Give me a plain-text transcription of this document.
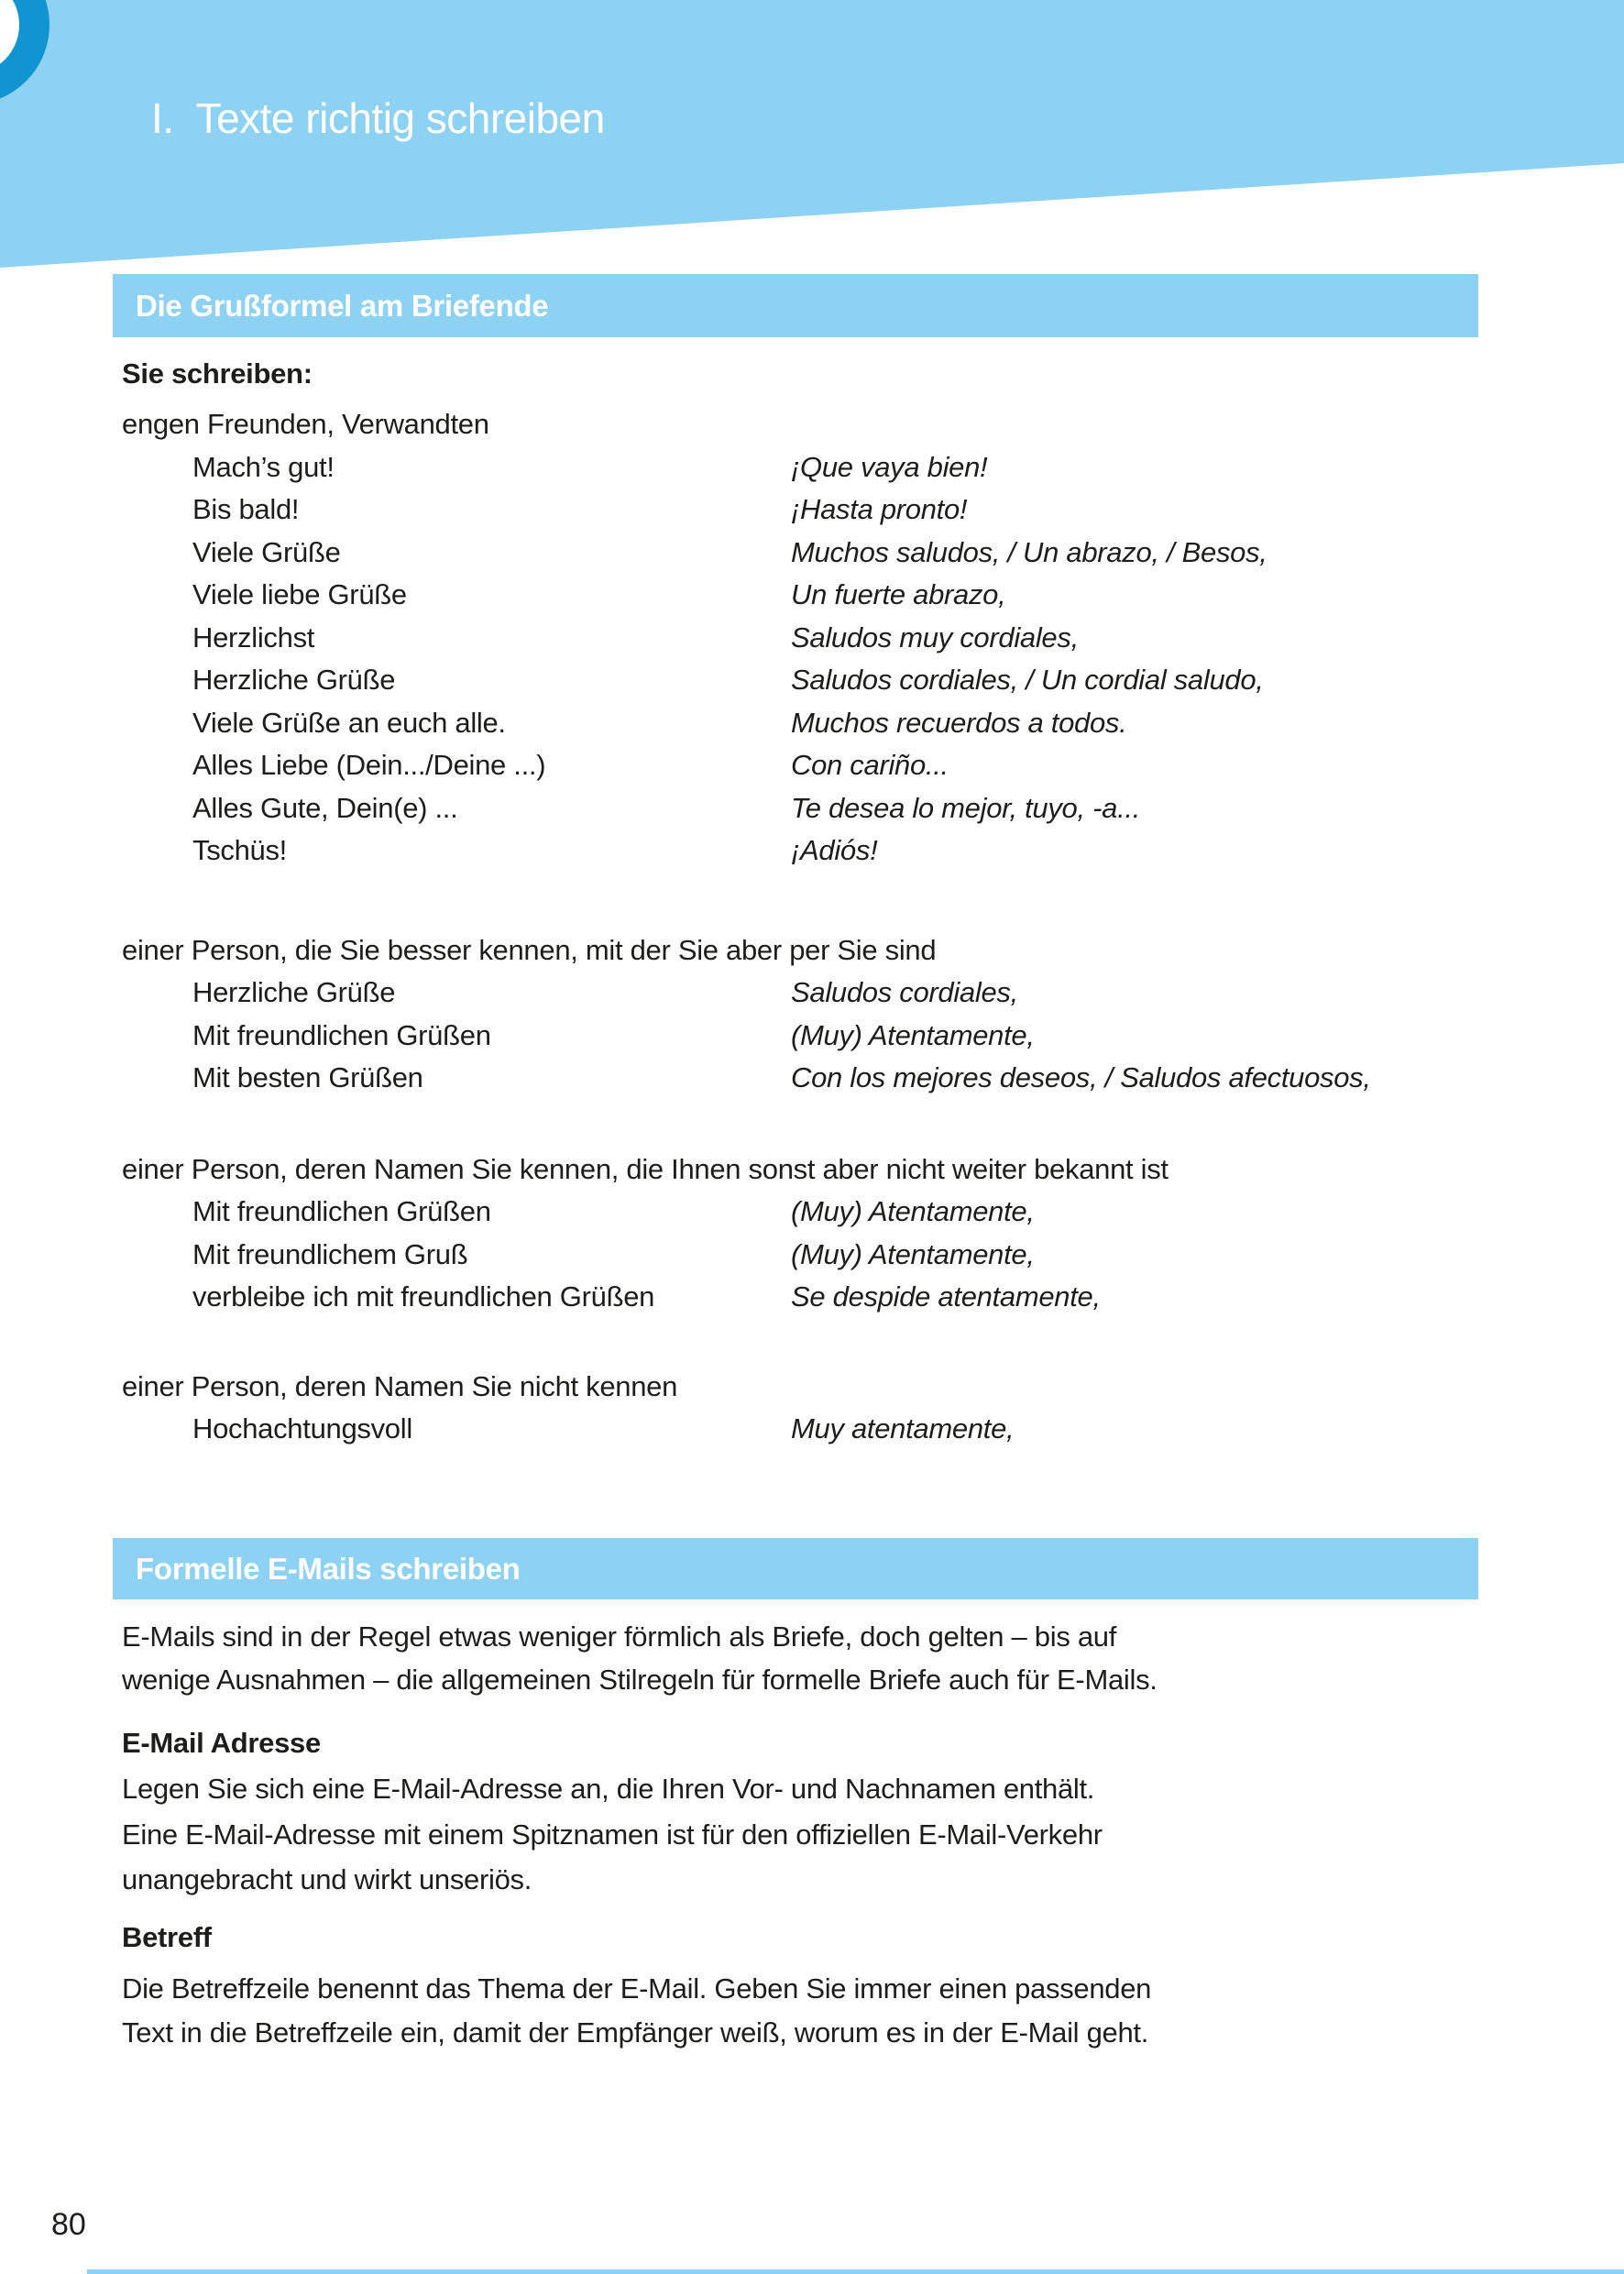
I. Texte richtig schreiben
Die Grußformel am Briefende
Sie schreiben:
engen Freunden, Verwandten
Mach’s gut!	¡Que vaya bien!
Bis bald!	¡Hasta pronto!
Viele Grüße	Muchos saludos, / Un abrazo, / Besos,
Viele liebe Grüße	Un fuerte abrazo,
Herzlichst	Saludos muy cordiales,
Herzliche Grüße	Saludos cordiales, / Un cordial saludo,
Viele Grüße an euch alle.	Muchos recuerdos a todos.
Alles Liebe (Dein.../Deine ...)	Con cariño...
Alles Gute, Dein(e) ...	Te desea lo mejor, tuyo, -a...
Tschüs!	¡Adiós!
einer Person, die Sie besser kennen, mit der Sie aber per Sie sind
Herzliche Grüße	Saludos cordiales,
Mit freundlichen Grüßen	(Muy) Atentamente,
Mit besten Grüßen	Con los mejores deseos, / Saludos afectuosos,
einer Person, deren Namen Sie kennen, die Ihnen sonst aber nicht weiter bekannt ist
Mit freundlichen Grüßen	(Muy) Atentamente,
Mit freundlichem Gruß	(Muy) Atentamente,
verbleibe ich mit freundlichen Grüßen	Se despide atentamente,
einer Person, deren Namen Sie nicht kennen
Hochachtungsvoll	Muy atentamente,
Formelle E-Mails schreiben
E-Mails sind in der Regel etwas weniger förmlich als Briefe, doch gelten – bis auf
wenige Ausnahmen – die allgemeinen Stilregeln für formelle Briefe auch für E-Mails.
E-Mail Adresse
Legen Sie sich eine E-Mail-Adresse an, die Ihren Vor- und Nachnamen enthält.
Eine E-Mail-Adresse mit einem Spitznamen ist für den offiziellen E-Mail-Verkehr
unangebracht und wirkt unseriös.
Betreff
Die Betreffzeile benennt das Thema der E-Mail. Geben Sie immer einen passenden
Text in die Betreffzeile ein, damit der Empfänger weiß, worum es in der E-Mail geht.
80
